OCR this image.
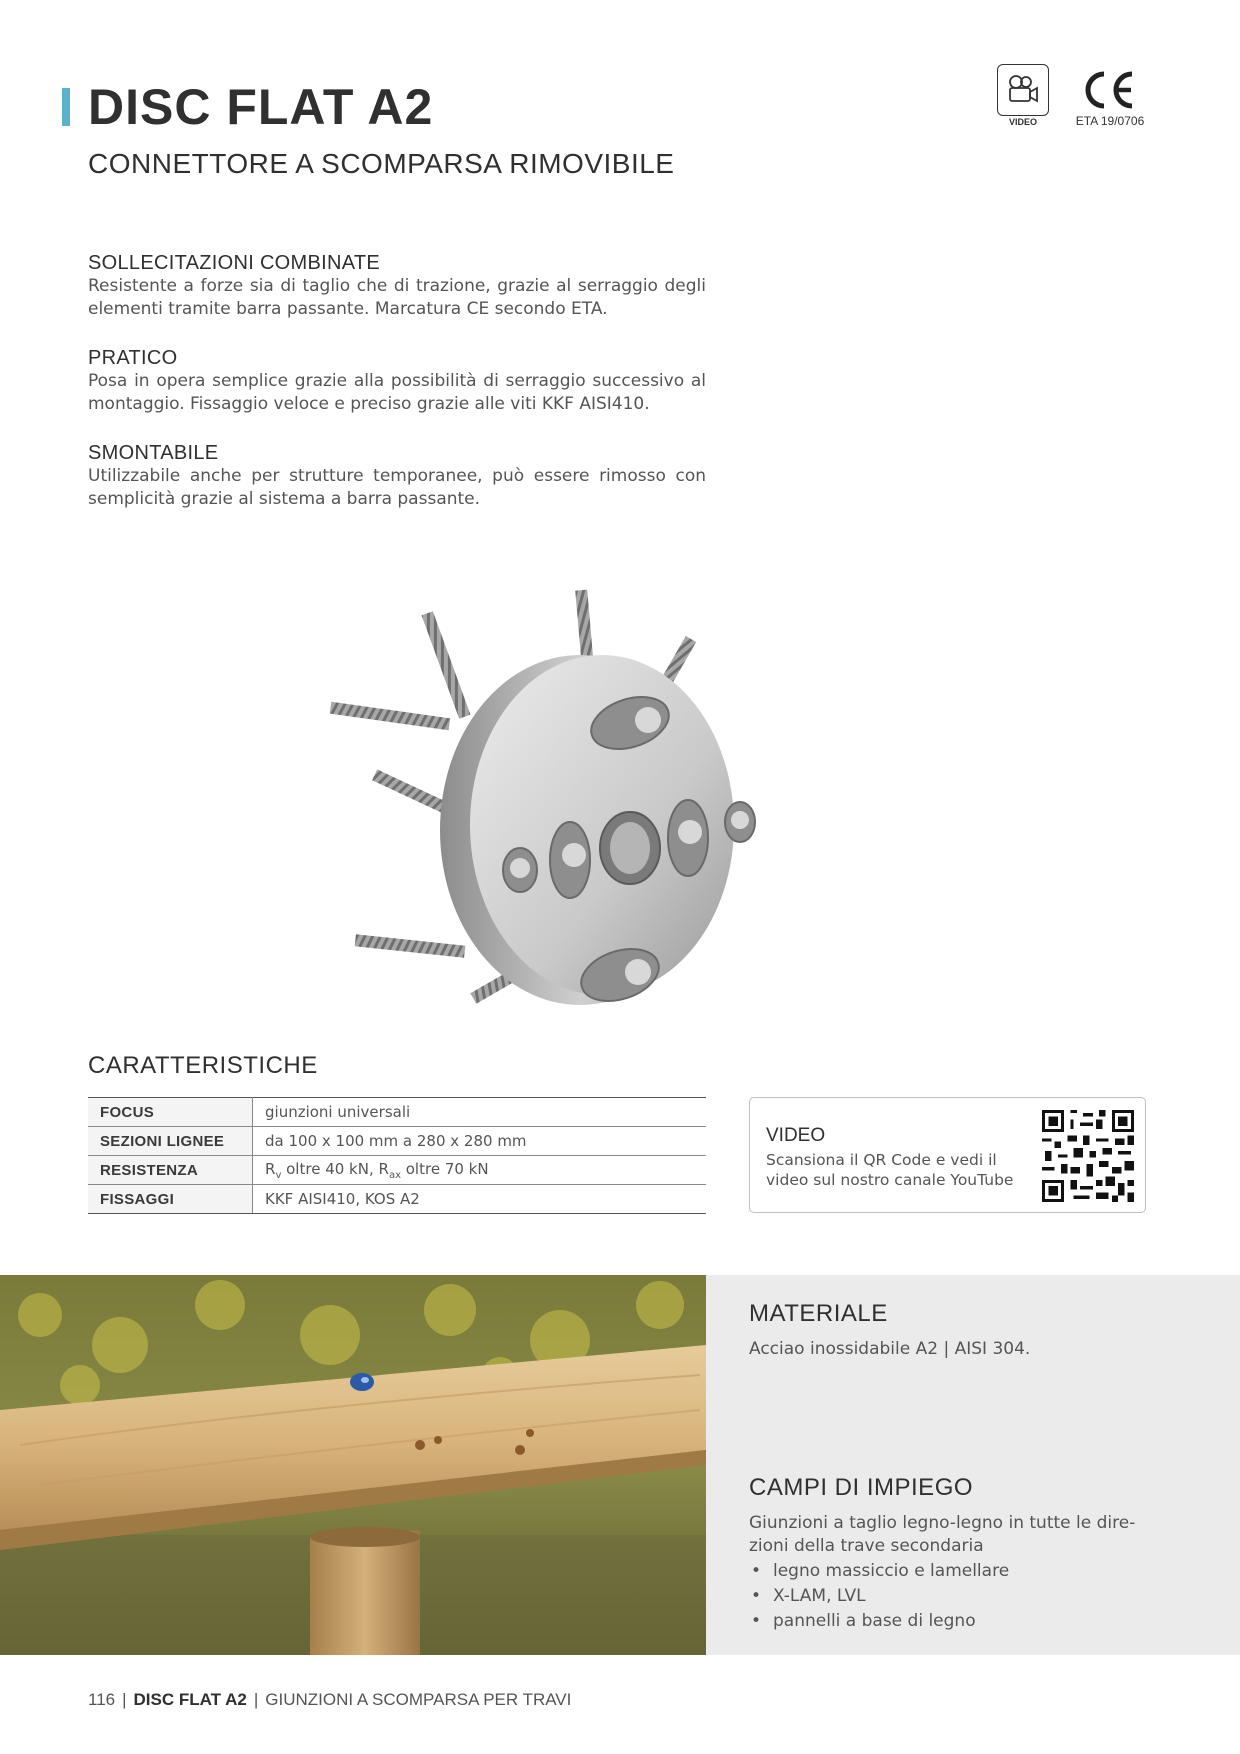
DISC FLAT A2
CONNETTORE A SCOMPARSA RIMOVIBILE
VIDEO	ETA 19/0706
SOLLECITAZIONI COMBINATE
Resistente a forze sia di taglio che di trazione, grazie al serraggio degli elementi tramite barra passante. Marcatura CE secondo ETA.
PRATICO
Posa in opera semplice grazie alla possibilità di serraggio successivo al montaggio. Fissaggio veloce e preciso grazie alle viti KKF AISI410.
SMONTABILE
Utilizzabile anche per strutture temporanee, può essere rimosso con semplicità grazie al sistema a barra passante.
CARATTERISTICHE
FOCUS	giunzioni universali
SEZIONI LIGNEE	da 100 x 100 mm a 280 x 280 mm
RESISTENZA	$R_v$ oltre 40 kN, $R_{ax}$ oltre 70 kN
FISSAGGI	KKF AISI410, KOS A2
VIDEO
Scansiona il QR Code e vedi il video sul nostro canale YouTube
MATERIALE
Acciao inossidabile A2 | AISI 304.
CAMPI DI IMPIEGO
Giunzioni a taglio legno-legno in tutte le dire-zioni della trave secondaria
• legno massiccio e lamellare
• X-LAM, LVL
• pannelli a base di legno
116 | DISC FLAT A2 | GIUNZIONI A SCOMPARSA PER TRAVI
